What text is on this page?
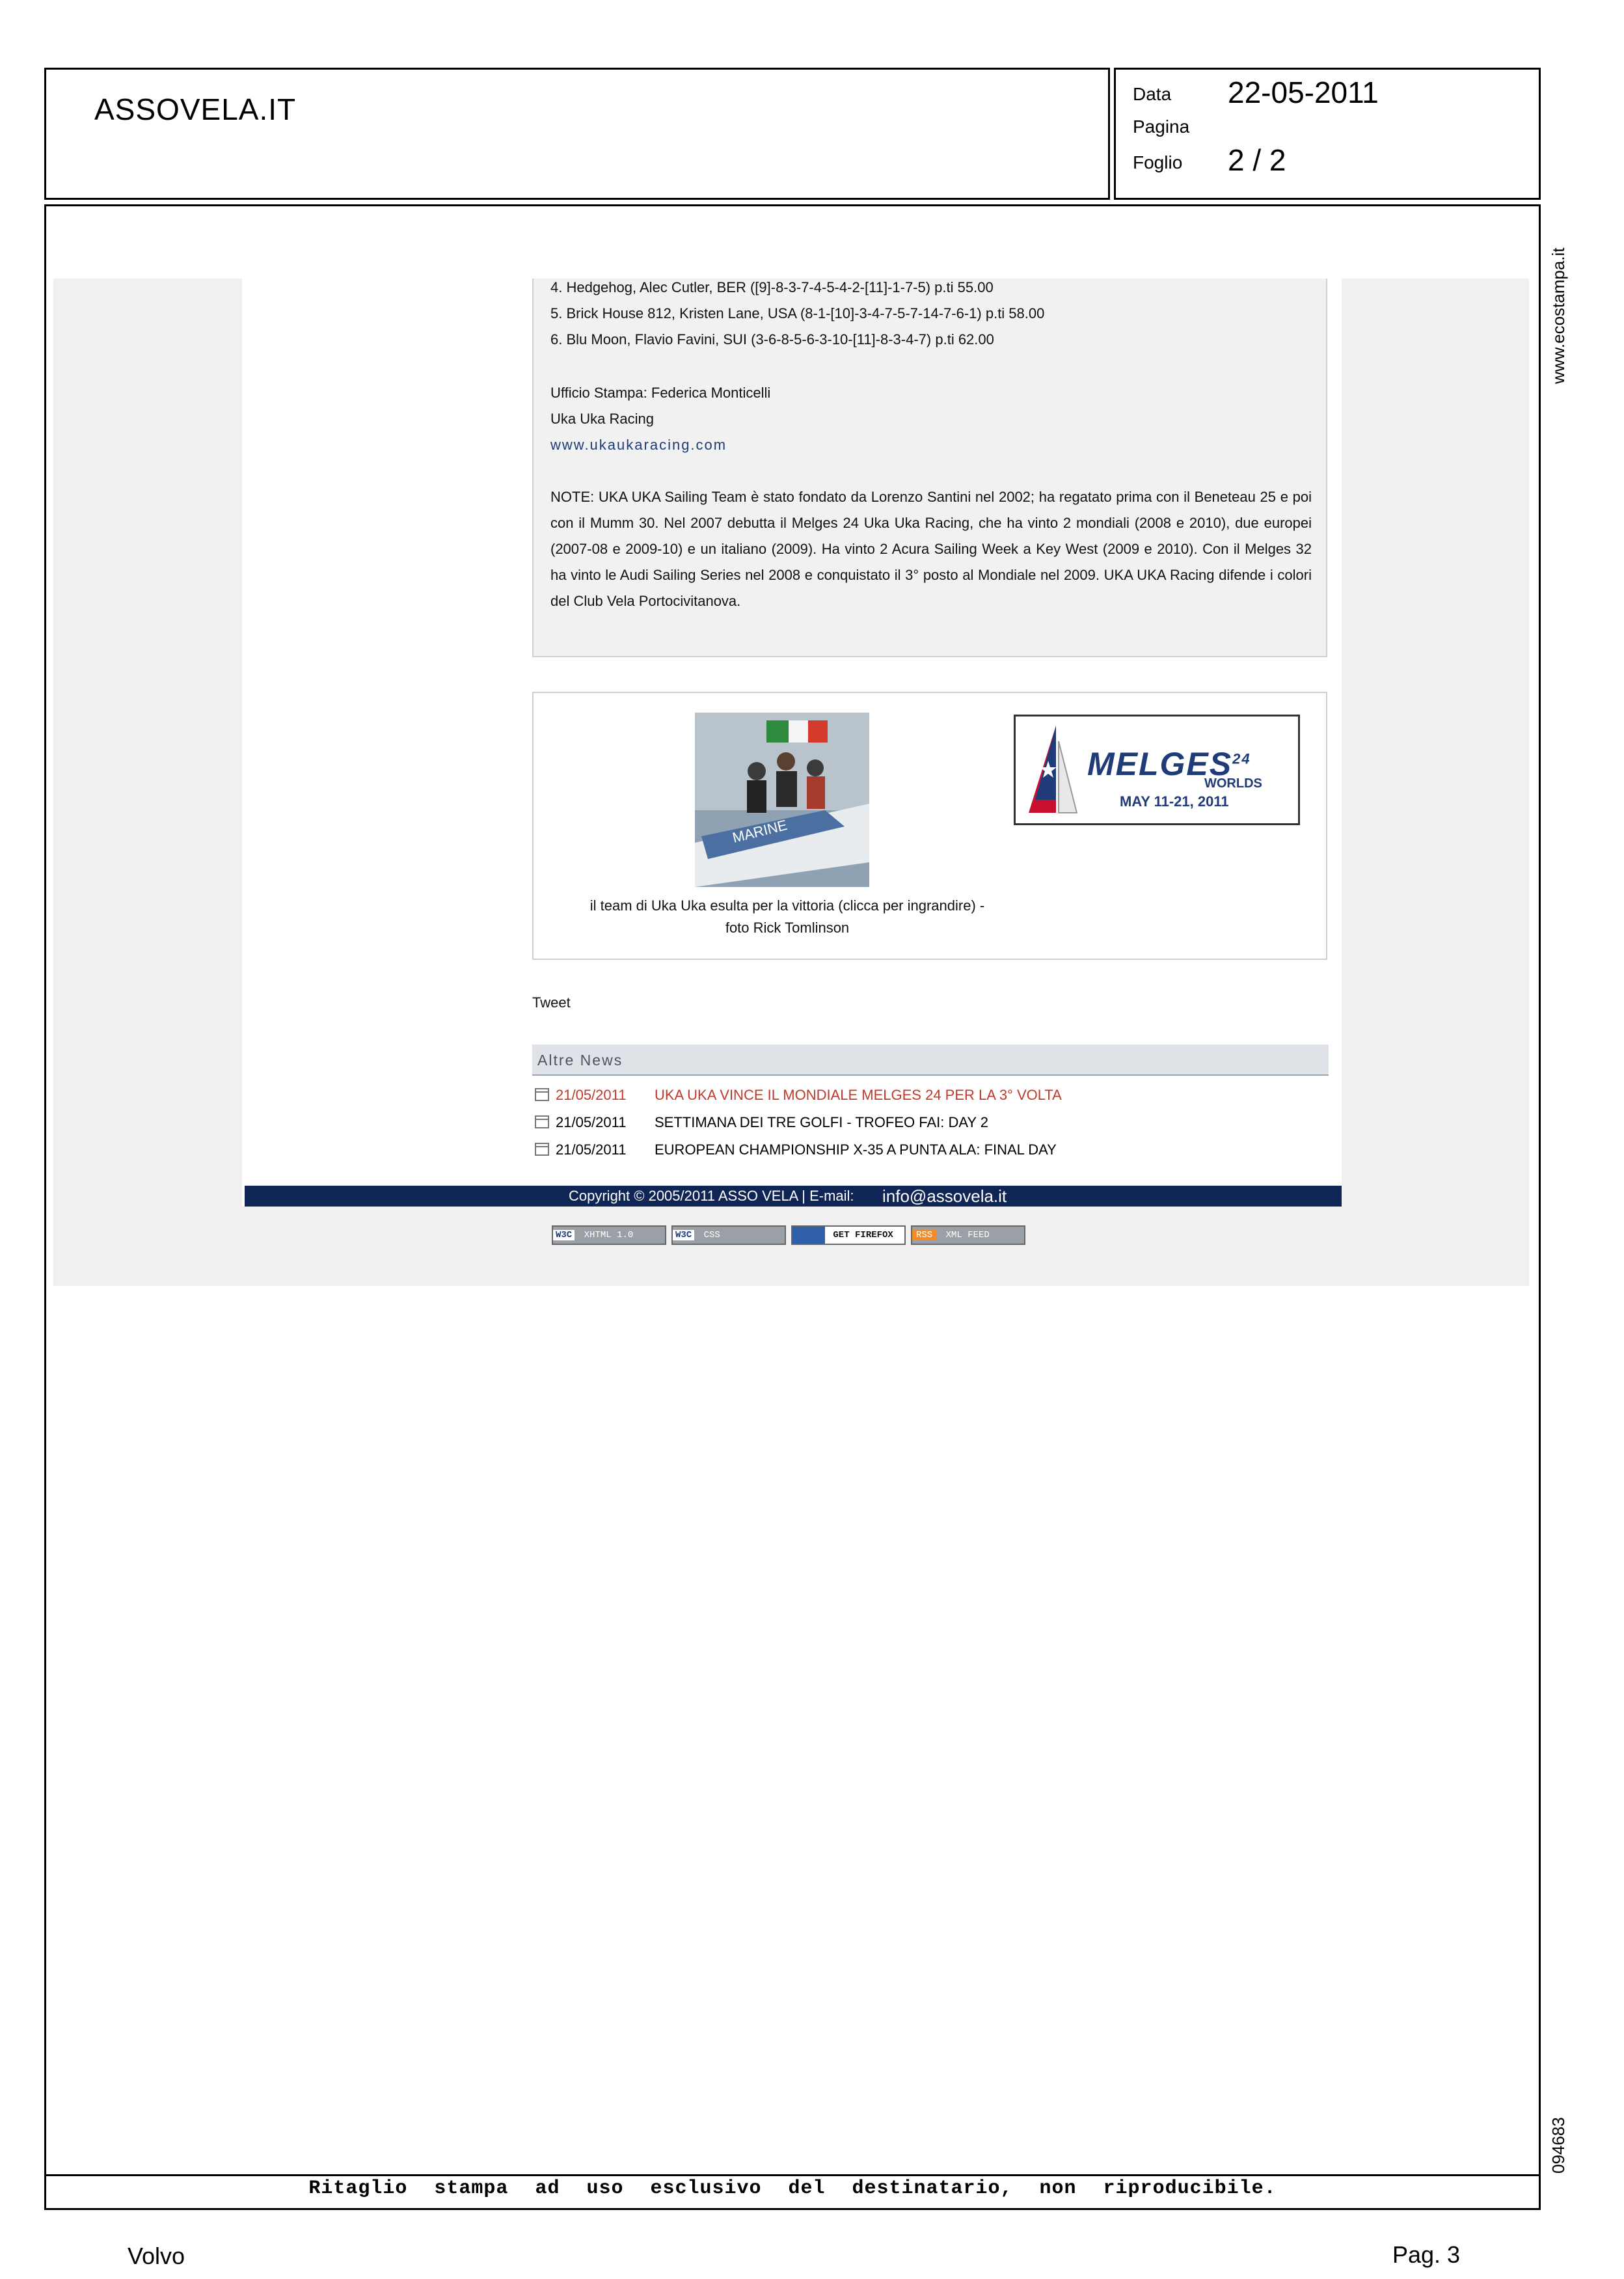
ASSOVELA.IT	Data 22-05-2011
Pagina
Foglio 2 / 2
www.ecostampa.it
094683
4. Hedgehog, Alec Cutler, BER ([9]-8-3-7-4-5-4-2-[11]-1-7-5) p.ti 55.00
5. Brick House 812, Kristen Lane, USA (8-1-[10]-3-4-7-5-7-14-7-6-1) p.ti 58.00
6. Blu Moon, Flavio Favini, SUI (3-6-8-5-6-3-10-[11]-8-3-4-7) p.ti 62.00
Ufficio Stampa: Federica Monticelli
Uka Uka Racing
www.ukaukaracing.com
NOTE: UKA UKA Sailing Team è stato fondato da Lorenzo Santini nel 2002; ha regatato prima con il Beneteau 25 e poi con il Mumm 30. Nel 2007 debutta il Melges 24 Uka Uka Racing, che ha vinto 2 mondiali (2008 e 2010), due europei (2007-08 e 2009-10) e un italiano (2009). Ha vinto 2 Acura Sailing Week a Key West (2009 e 2010). Con il Melges 32 ha vinto le Audi Sailing Series nel 2008 e conquistato il 3° posto al Mondiale nel 2009. UKA UKA Racing difende i colori del Club Vela Portocivitanova.
MARINE
il team di Uka Uka esulta per la vittoria (clicca per ingrandire) -
foto Rick Tomlinson
MELGES$^{24}$
WORLDS
MAY 11-21, 2011
Tweet
Altre News
21/05/2011 UKA UKA VINCE IL MONDIALE MELGES 24 PER LA 3° VOLTA
21/05/2011 SETTIMANA DEI TRE GOLFI - TROFEO FAI: DAY 2
21/05/2011 EUROPEAN CHAMPIONSHIP X-35 A PUNTA ALA: FINAL DAY
Copyright © 2005/2011 ASSO VELA | E-mail: info@assovela.it
W3C XHTML 1.0	W3C CSS	GET FIREFOX	RSS XML FEED
Ritaglio stampa ad uso esclusivo del destinatario, non riproducibile.
Volvo	Pag. 3
